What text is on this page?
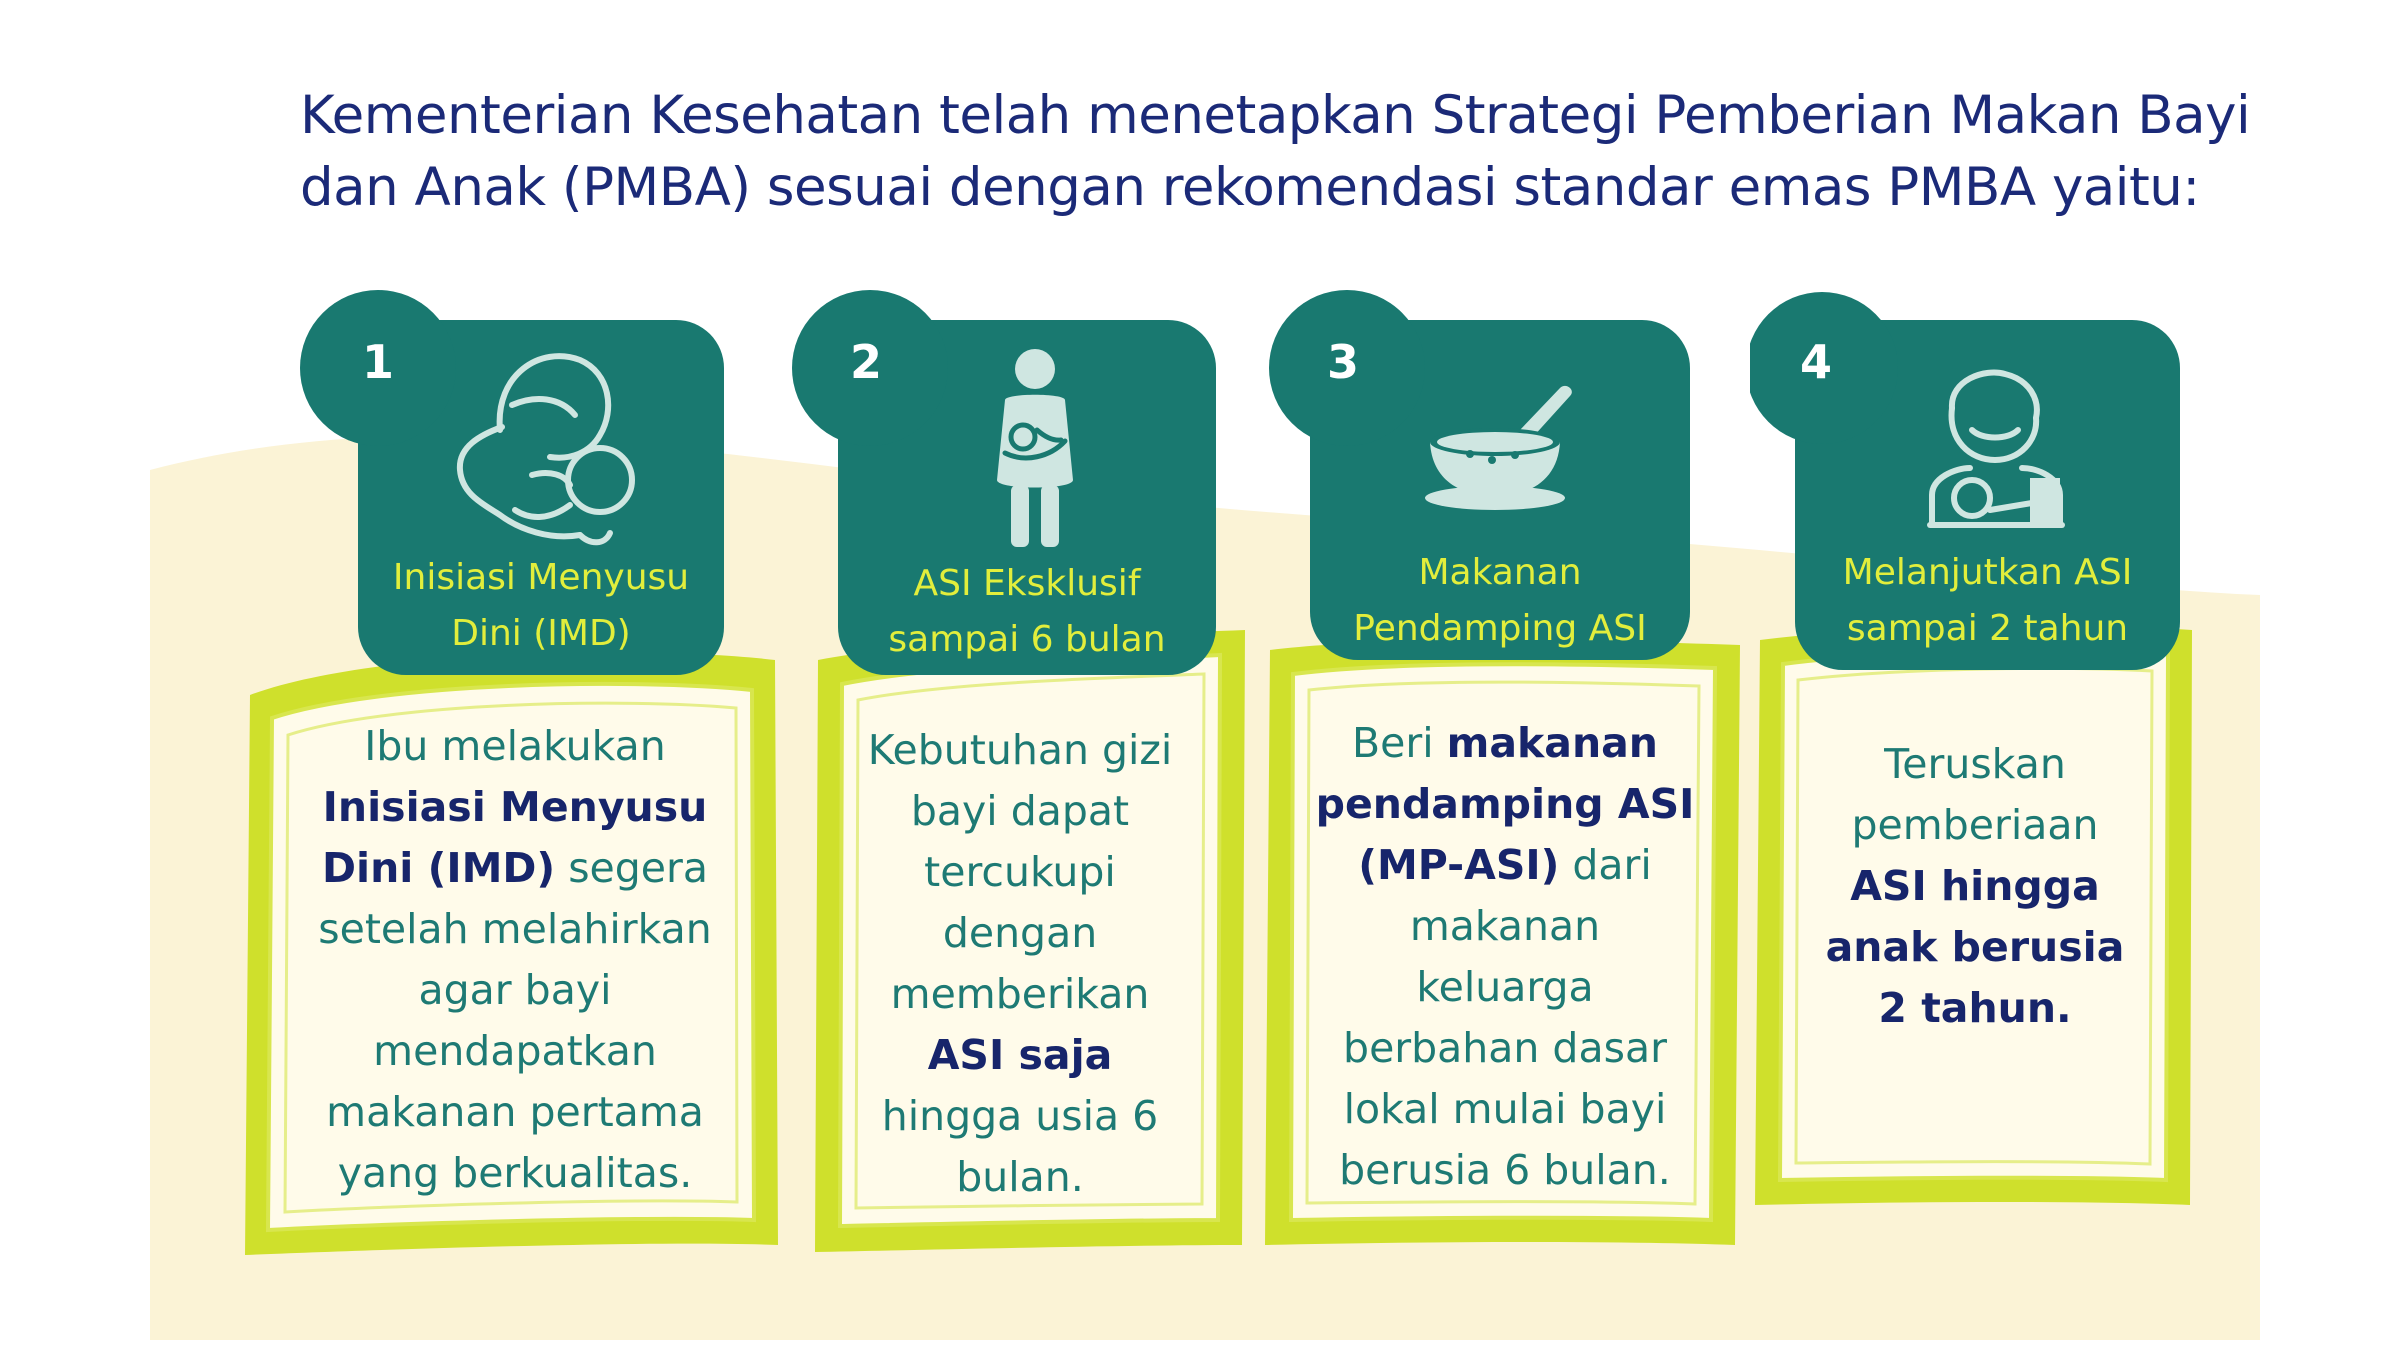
Kementerian Kesehatan telah menetapkan Strategi Pemberian Makan Bayi
dan Anak (PMBA) sesuai dengan rekomendasi standar emas PMBA yaitu:
1
Inisiasi Menyusu
Dini (IMD)
Ibu melakukan
Inisiasi Menyusu
Dini (IMD) segera
setelah melahirkan
agar bayi
mendapatkan
makanan pertama
yang berkualitas.
2
ASI Eksklusif
sampai 6 bulan
Kebutuhan gizi
bayi dapat
tercukupi
dengan
memberikan
ASI saja
hingga usia 6
bulan.
3
Makanan
Pendamping ASI
Beri makanan
pendamping ASI
(MP-ASI) dari
makanan
keluarga
berbahan dasar
lokal mulai bayi
berusia 6 bulan.
4
Melanjutkan ASI
sampai 2 tahun
Teruskan
pemberiaan
ASI hingga
anak berusia
2 tahun.
